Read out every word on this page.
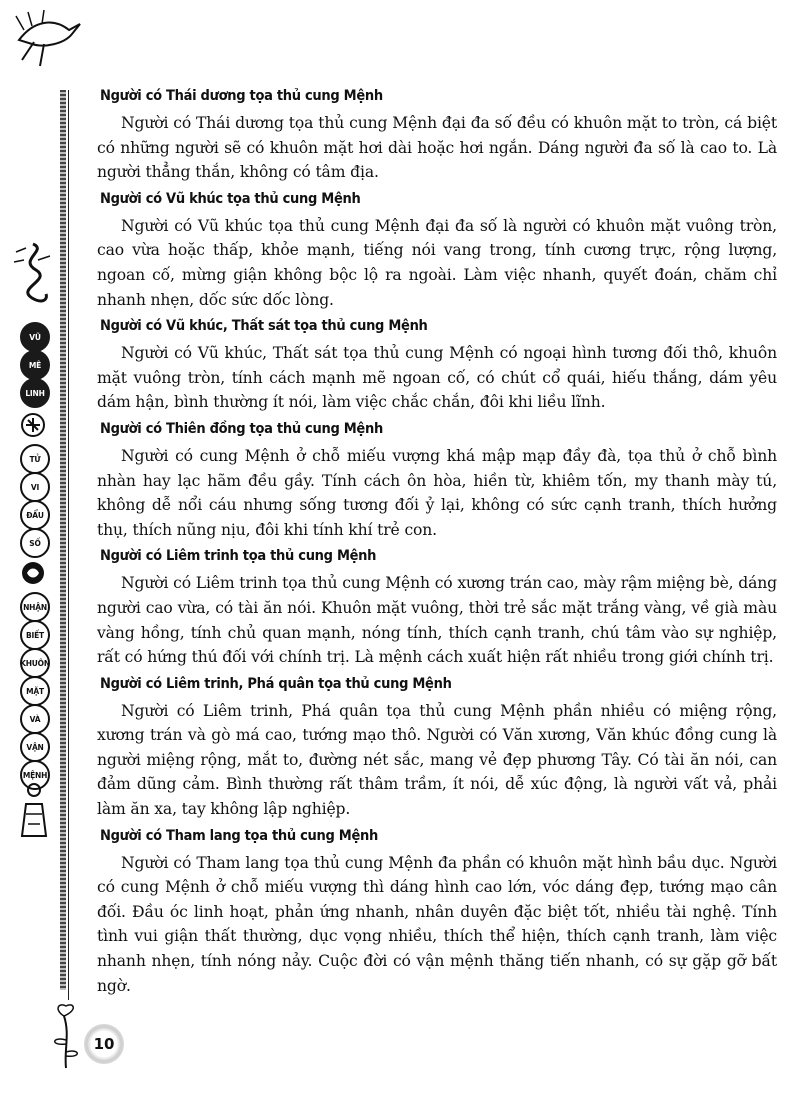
VŨ
MÊ
LINH
TỬ
VI
ĐẨU
SỐ
NHẬN
BIẾT
KHUÔN
MẶT
VÀ
VẬN
MỆNH
10
Người có Thái dương tọa thủ cung Mệnh

Người có Thái dương tọa thủ cung Mệnh đại đa số đều có khuôn mặt to tròn, cá biệt có những người sẽ có khuôn mặt hơi dài hoặc hơi ngắn. Dáng người đa số là cao to. Là người thẳng thắn, không có tâm địa.

Người có Vũ khúc tọa thủ cung Mệnh

Người có Vũ khúc tọa thủ cung Mệnh đại đa số là người có khuôn mặt vuông tròn, cao vừa hoặc thấp, khỏe mạnh, tiếng nói vang trong, tính cương trực, rộng lượng, ngoan cố, mừng giận không bộc lộ ra ngoài. Làm việc nhanh, quyết đoán, chăm chỉ nhanh nhẹn, dốc sức dốc lòng.

Người có Vũ khúc, Thất sát tọa thủ cung Mệnh

Người có Vũ khúc, Thất sát tọa thủ cung Mệnh có ngoại hình tương đối thô, khuôn mặt vuông tròn, tính cách mạnh mẽ ngoan cố, có chút cổ quái, hiếu thắng, dám yêu dám hận, bình thường ít nói, làm việc chắc chắn, đôi khi liều lĩnh.

Người có Thiên đồng tọa thủ cung Mệnh

Người có cung Mệnh ở chỗ miếu vượng khá mập mạp đầy đà, tọa thủ ở chỗ bình nhàn hay lạc hãm đều gầy. Tính cách ôn hòa, hiền từ, khiêm tốn, my thanh mày tú, không dễ nổi cáu nhưng sống tương đối ỷ lại, không có sức cạnh tranh, thích hưởng thụ, thích nũng nịu, đôi khi tính khí trẻ con.

Người có Liêm trinh tọa thủ cung Mệnh

Người có Liêm trinh tọa thủ cung Mệnh có xương trán cao, mày rậm miệng bè, dáng người cao vừa, có tài ăn nói. Khuôn mặt vuông, thời trẻ sắc mặt trắng vàng, về già màu vàng hồng, tính chủ quan mạnh, nóng tính, thích cạnh tranh, chú tâm vào sự nghiệp, rất có hứng thú đối với chính trị. Là mệnh cách xuất hiện rất nhiều trong giới chính trị.

Người có Liêm trinh, Phá quân tọa thủ cung Mệnh

Người có Liêm trinh, Phá quân tọa thủ cung Mệnh phần nhiều có miệng rộng, xương trán và gò má cao, tướng mạo thô. Người có Văn xương, Văn khúc đồng cung là người miệng rộng, mắt to, đường nét sắc, mang vẻ đẹp phương Tây. Có tài ăn nói, can đảm dũng cảm. Bình thường rất thâm trầm, ít nói, dễ xúc động, là người vất vả, phải làm ăn xa, tay không lập nghiệp.

Người có Tham lang tọa thủ cung Mệnh

Người có Tham lang tọa thủ cung Mệnh đa phần có khuôn mặt hình bầu dục. Người có cung Mệnh ở chỗ miếu vượng thì dáng hình cao lớn, vóc dáng đẹp, tướng mạo cân đối. Đầu óc linh hoạt, phản ứng nhanh, nhân duyên đặc biệt tốt, nhiều tài nghệ. Tính tình vui giận thất thường, dục vọng nhiều, thích thể hiện, thích cạnh tranh, làm việc nhanh nhẹn, tính nóng nảy. Cuộc đời có vận mệnh thăng tiến nhanh, có sự gặp gỡ bất ngờ.
